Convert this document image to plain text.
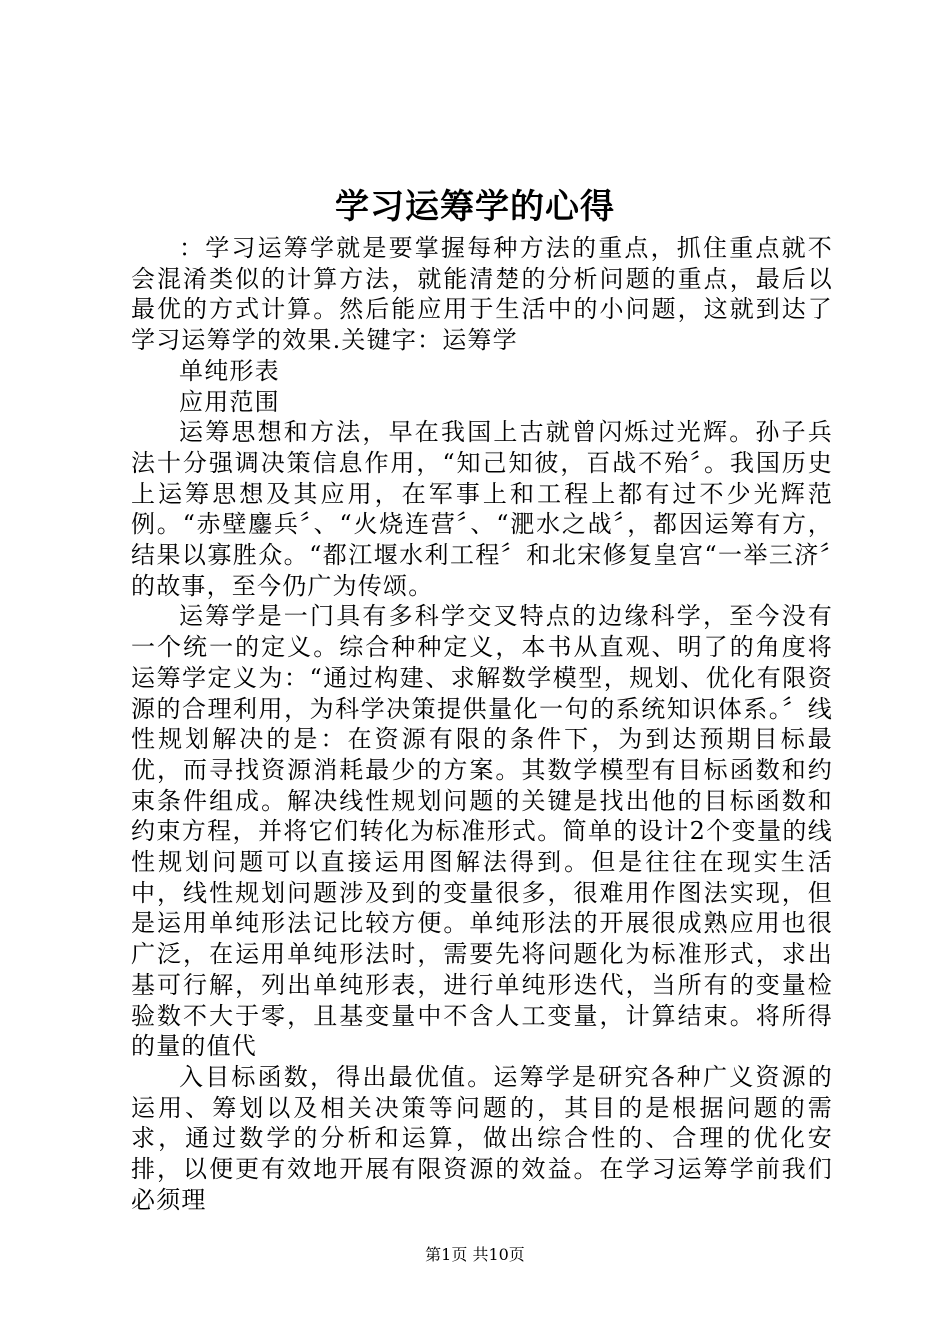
学习运筹学的心得

：学习运筹学就是要掌握每种方法的重点，抓住重点就不会混淆类似的计算方法，就能清楚的分析问题的重点，最后以最优的方式计算。然后能应用于生活中的小问题，这就到达了学习运筹学的效果.关键字：运筹学

单纯形表

应用范围

运筹思想和方法，早在我国上古就曾闪烁过光辉。孙子兵法十分强调决策信息作用，“知己知彼，百战不殆〞。我国历史上运筹思想及其应用，在军事上和工程上都有过不少光辉范例。“赤壁鏖兵〞、“火烧连营〞、“淝水之战〞，都因运筹有方，结果以寡胜众。“都江堰水利工程〞和北宋修复皇宫“一举三济〞的故事，至今仍广为传颂。

运筹学是一门具有多科学交叉特点的边缘科学，至今没有一个统一的定义。综合种种定义，本书从直观、明了的角度将运筹学定义为：“通过构建、求解数学模型，规划、优化有限资源的合理利用，为科学决策提供量化一句的系统知识体系。〞线性规划解决的是：在资源有限的条件下，为到达预期目标最优，而寻找资源消耗最少的方案。其数学模型有目标函数和约束条件组成。解决线性规划问题的关键是找出他的目标函数和约束方程，并将它们转化为标准形式。简单的设计2个变量的线性规划问题可以直接运用图解法得到。但是往往在现实生活中，线性规划问题涉及到的变量很多，很难用作图法实现，但是运用单纯形法记比较方便。单纯形法的开展很成熟应用也很广泛，在运用单纯形法时，需要先将问题化为标准形式，求出基可行解，列出单纯形表，进行单纯形迭代，当所有的变量检验数不大于零，且基变量中不含人工变量，计算结束。将所得的量的值代

入目标函数，得出最优值。运筹学是研究各种广义资源的运用、筹划以及相关决策等问题的，其目的是根据问题的需求，通过数学的分析和运算，做出综合性的、合理的优化安排，以便更有效地开展有限资源的效益。在学习运筹学前我们必须理

第1页 共10页
